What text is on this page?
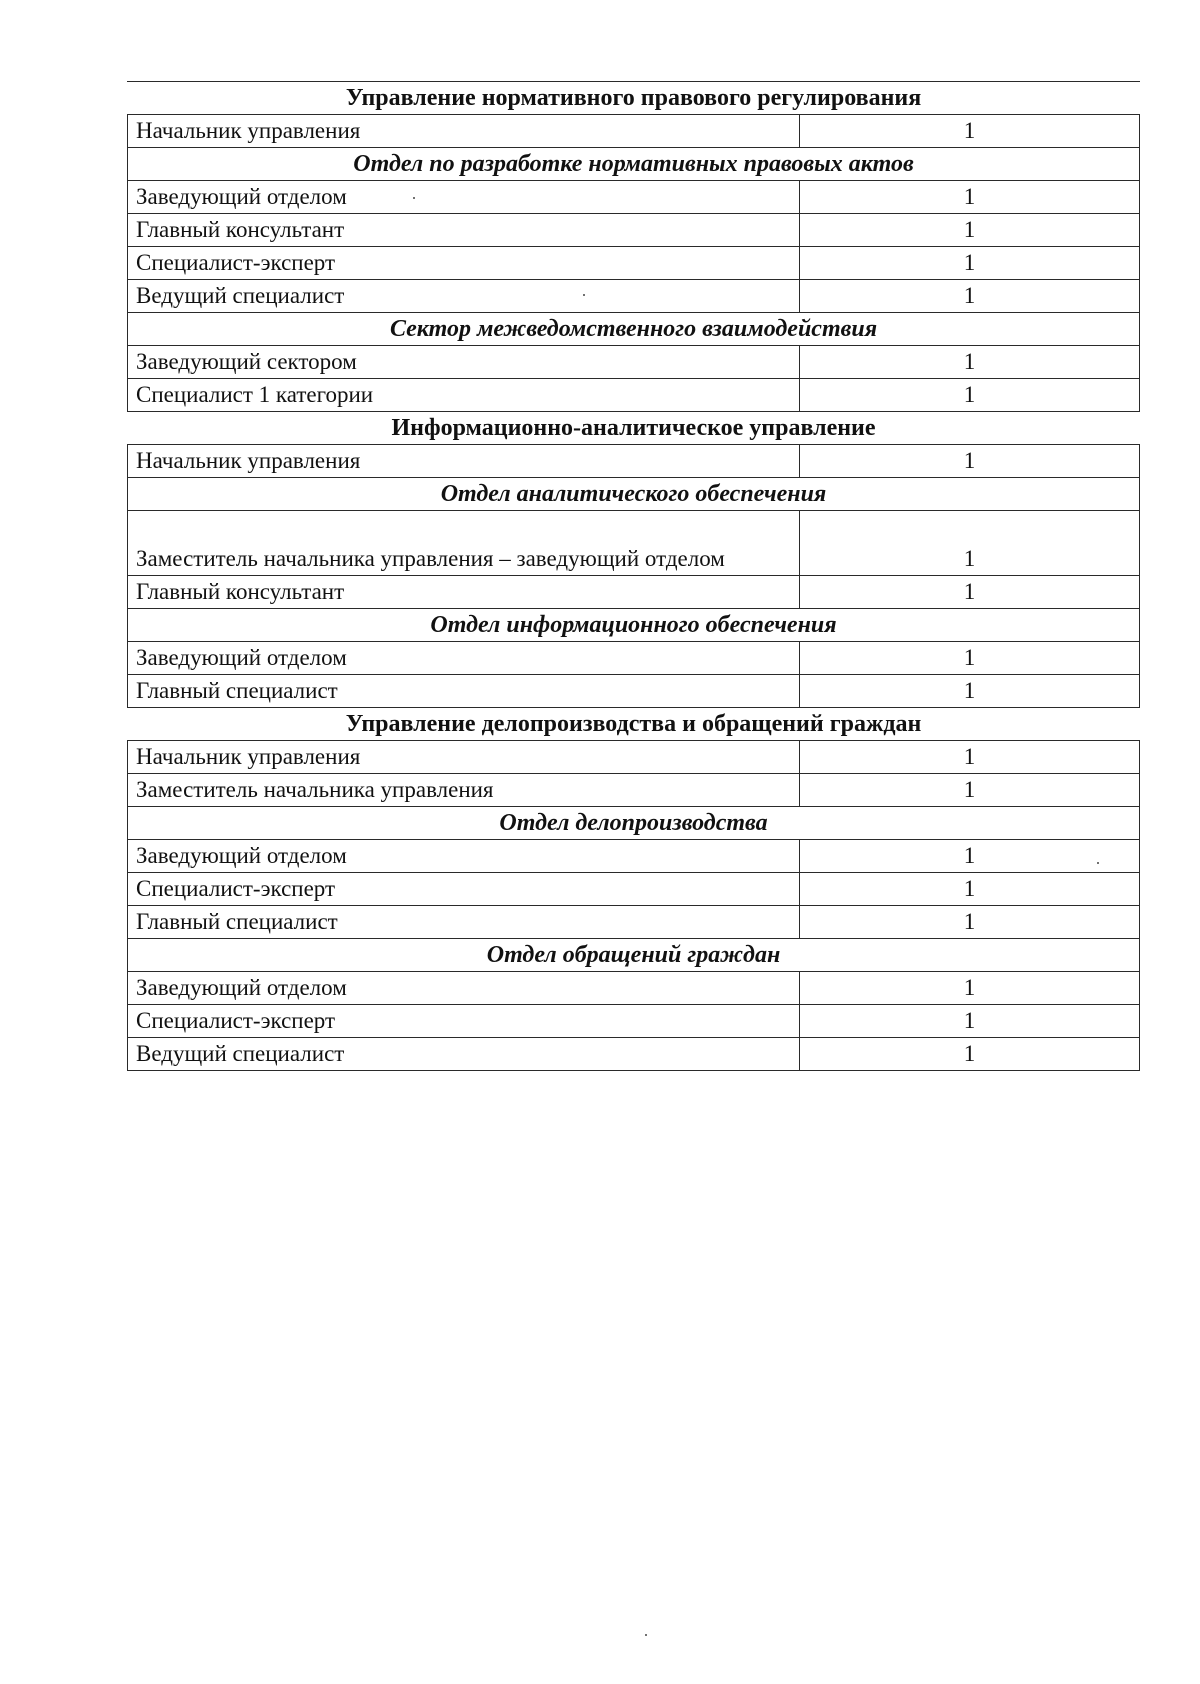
Управление нормативного правового регулирования	
Начальник управления	1
Отдел по разработке нормативных правовых актов	
Заведующий отделом	1
Главный консультант	1
Специалист-эксперт	1
Ведущий специалист	1
Сектор межведомственного взаимодействия	
Заведующий сектором	1
Специалист 1 категории	1
Информационно-аналитическое управление	
Начальник управления	1
Отдел аналитического обеспечения	
Заместитель начальника управления – заведующий отделом	1
Главный консультант	1
Отдел информационного обеспечения	
Заведующий отделом	1
Главный специалист	1
Управление делопроизводства и обращений граждан	
Начальник управления	1
Заместитель начальника управления	1
Отдел делопроизводства	
Заведующий отделом	1
Специалист-эксперт	1
Главный специалист	1
Отдел обращений граждан	
Заведующий отделом	1
Специалист-эксперт	1
Ведущий специалист	1
